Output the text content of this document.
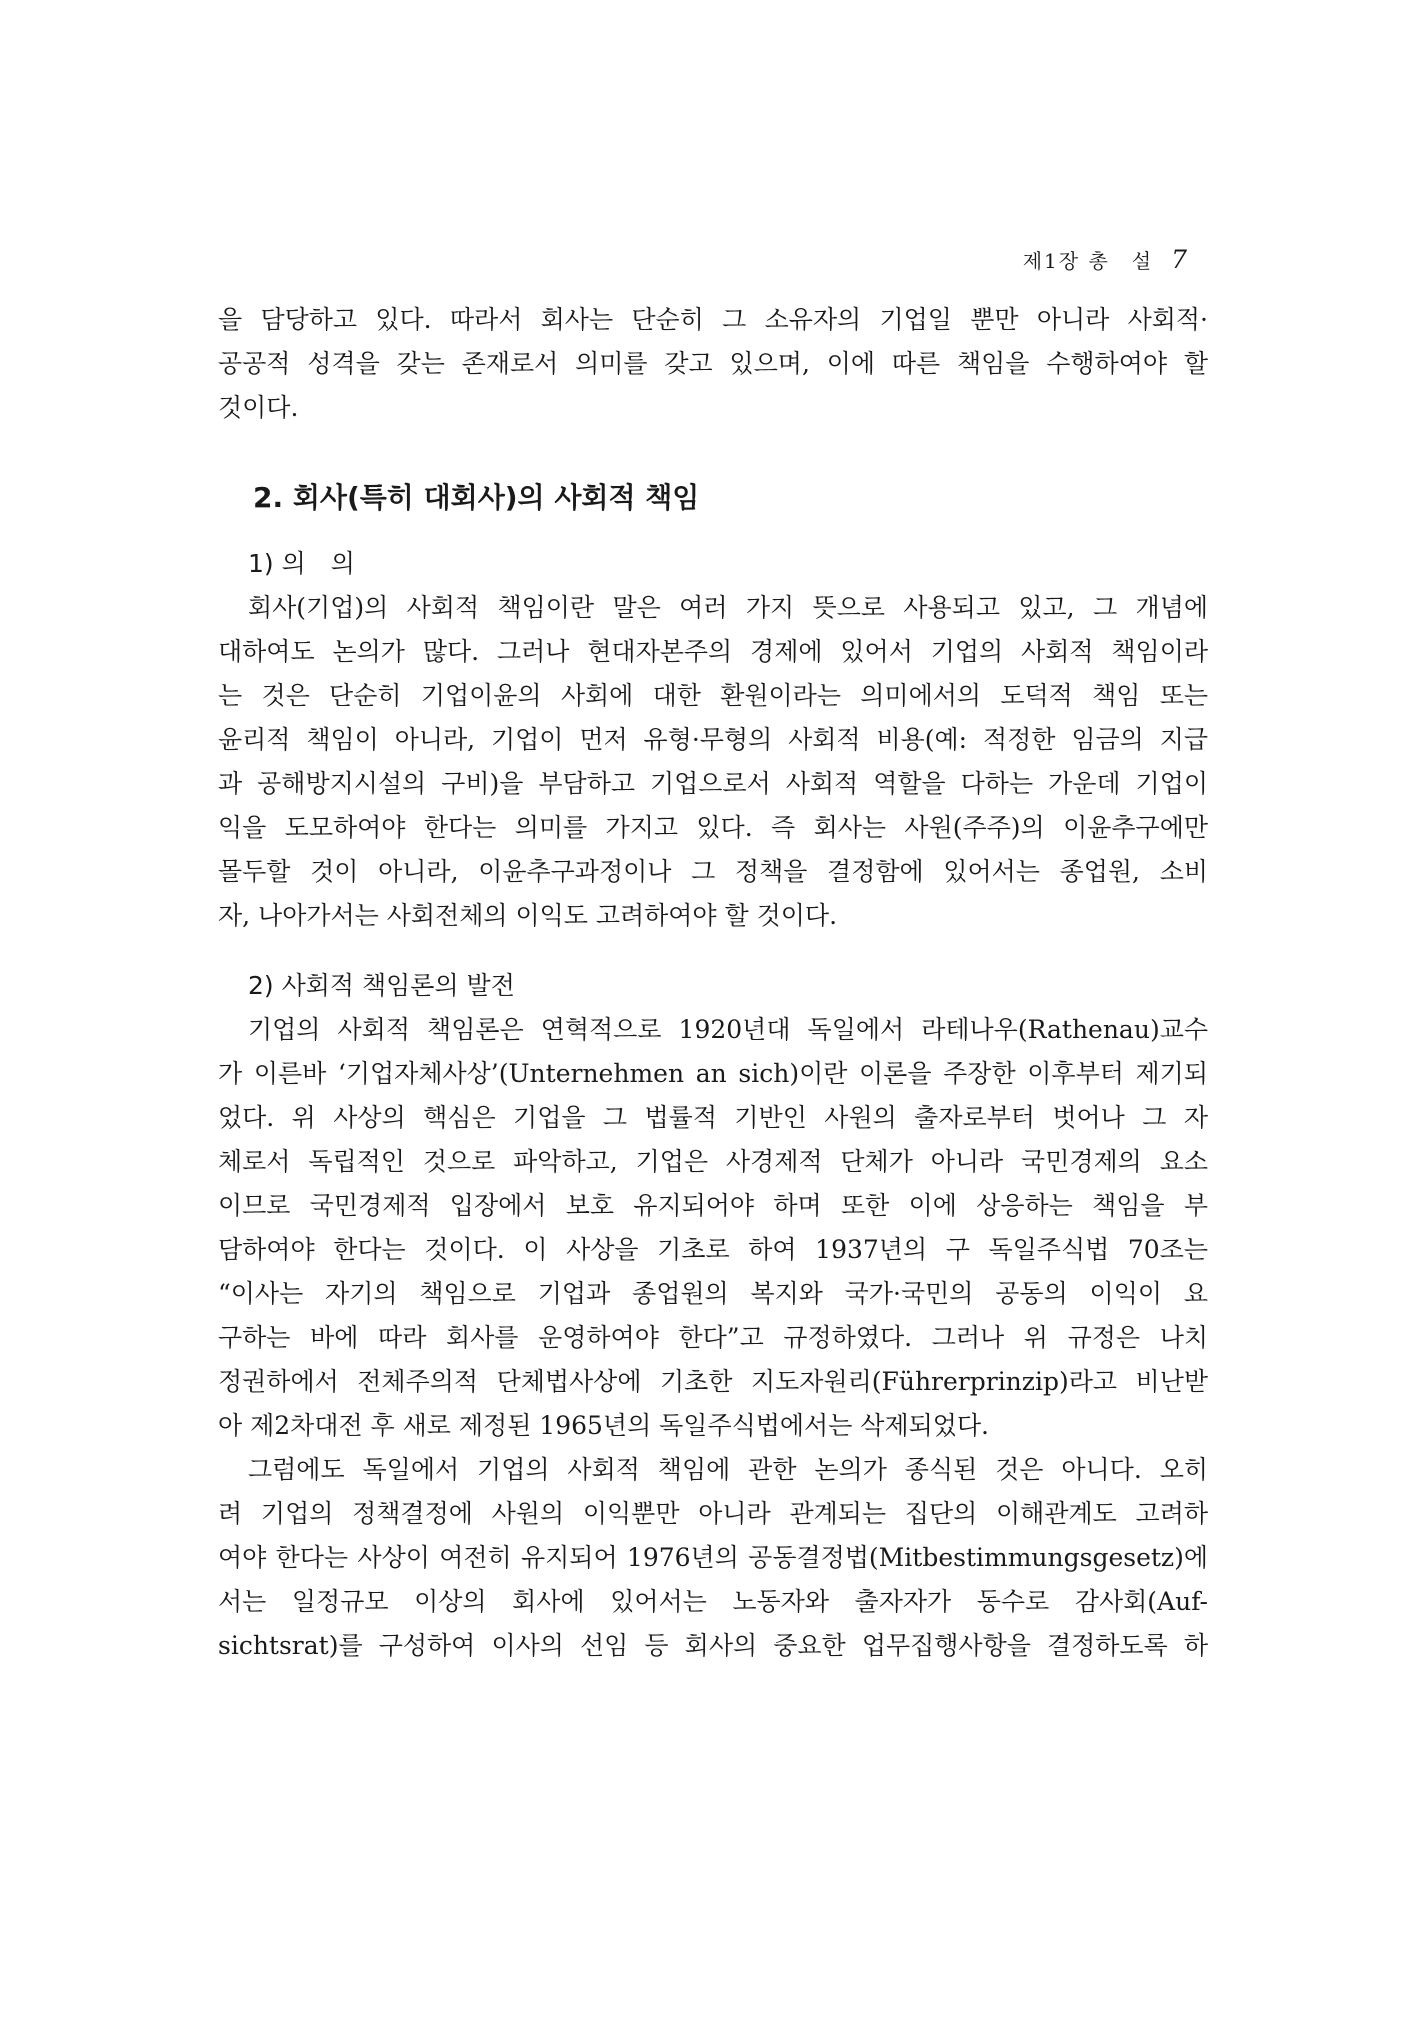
제1장 총　설 7
을 담당하고 있다. 따라서 회사는 단순히 그 소유자의 기업일 뿐만 아니라 사회적·
공공적 성격을 갖는 존재로서 의미를 갖고 있으며, 이에 따른 책임을 수행하여야 할
것이다.
2. 회사(특히 대회사)의 사회적 책임
1) 의　의
회사(기업)의 사회적 책임이란 말은 여러 가지 뜻으로 사용되고 있고, 그 개념에
대하여도 논의가 많다. 그러나 현대자본주의 경제에 있어서 기업의 사회적 책임이라
는 것은 단순히 기업이윤의 사회에 대한 환원이라는 의미에서의 도덕적 책임 또는
윤리적 책임이 아니라, 기업이 먼저 유형·무형의 사회적 비용(예: 적정한 임금의 지급
과 공해방지시설의 구비)을 부담하고 기업으로서 사회적 역할을 다하는 가운데 기업이
익을 도모하여야 한다는 의미를 가지고 있다. 즉 회사는 사원(주주)의 이윤추구에만
몰두할 것이 아니라, 이윤추구과정이나 그 정책을 결정함에 있어서는 종업원, 소비
자, 나아가서는 사회전체의 이익도 고려하여야 할 것이다.
2) 사회적 책임론의 발전
기업의 사회적 책임론은 연혁적으로 1920년대 독일에서 라테나우(Rathenau)교수
가 이른바 ‘기업자체사상’(Unternehmen an sich)이란 이론을 주장한 이후부터 제기되
었다. 위 사상의 핵심은 기업을 그 법률적 기반인 사원의 출자로부터 벗어나 그 자
체로서 독립적인 것으로 파악하고, 기업은 사경제적 단체가 아니라 국민경제의 요소
이므로 국민경제적 입장에서 보호 유지되어야 하며 또한 이에 상응하는 책임을 부
담하여야 한다는 것이다. 이 사상을 기초로 하여 1937년의 구 독일주식법 70조는
“이사는 자기의 책임으로 기업과 종업원의 복지와 국가·국민의 공동의 이익이 요
구하는 바에 따라 회사를 운영하여야 한다”고 규정하였다. 그러나 위 규정은 나치
정권하에서 전체주의적 단체법사상에 기초한 지도자원리(Führerprinzip)라고 비난받
아 제2차대전 후 새로 제정된 1965년의 독일주식법에서는 삭제되었다.
그럼에도 독일에서 기업의 사회적 책임에 관한 논의가 종식된 것은 아니다. 오히
려 기업의 정책결정에 사원의 이익뿐만 아니라 관계되는 집단의 이해관계도 고려하
여야 한다는 사상이 여전히 유지되어 1976년의 공동결정법(Mitbestimmungsgesetz)에
서는 일정규모 이상의 회사에 있어서는 노동자와 출자자가 동수로 감사회(Auf-
sichtsrat)를 구성하여 이사의 선임 등 회사의 중요한 업무집행사항을 결정하도록 하
